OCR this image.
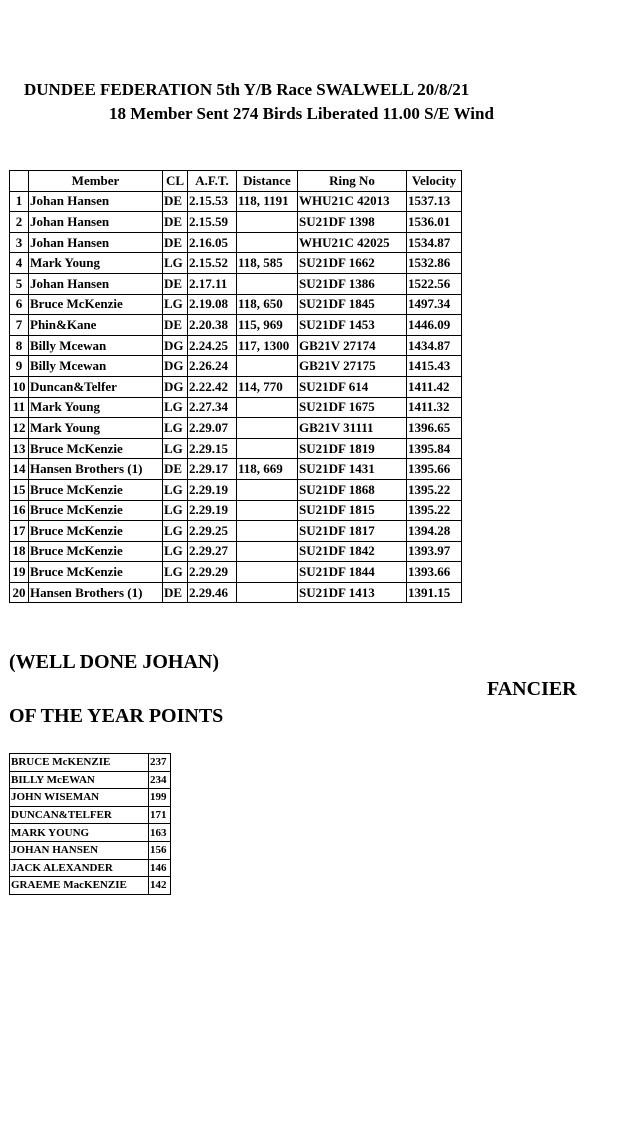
DUNDEE FEDERATION 5th Y/B Race SWALWELL 20/8/21
18 Member Sent 274 Birds Liberated 11.00 S/E Wind
	Member	CL	A.F.T.	Distance	Ring No	Velocity
1	Johan Hansen	DE	2.15.53	118, 1191	WHU21C 42013	1537.13
2	Johan Hansen	DE	2.15.59		SU21DF 1398	1536.01
3	Johan Hansen	DE	2.16.05		WHU21C 42025	1534.87
4	Mark Young	LG	2.15.52	118, 585	SU21DF 1662	1532.86
5	Johan Hansen	DE	2.17.11		SU21DF 1386	1522.56
6	Bruce McKenzie	LG	2.19.08	118, 650	SU21DF 1845	1497.34
7	Phin&Kane	DE	2.20.38	115, 969	SU21DF 1453	1446.09
8	Billy Mcewan	DG	2.24.25	117, 1300	GB21V 27174	1434.87
9	Billy Mcewan	DG	2.26.24		GB21V 27175	1415.43
10	Duncan&Telfer	DG	2.22.42	114, 770	SU21DF 614	1411.42
11	Mark Young	LG	2.27.34		SU21DF 1675	1411.32
12	Mark Young	LG	2.29.07		GB21V 31111	1396.65
13	Bruce McKenzie	LG	2.29.15		SU21DF 1819	1395.84
14	Hansen Brothers (1)	DE	2.29.17	118, 669	SU21DF 1431	1395.66
15	Bruce McKenzie	LG	2.29.19		SU21DF 1868	1395.22
16	Bruce McKenzie	LG	2.29.19		SU21DF 1815	1395.22
17	Bruce McKenzie	LG	2.29.25		SU21DF 1817	1394.28
18	Bruce McKenzie	LG	2.29.27		SU21DF 1842	1393.97
19	Bruce McKenzie	LG	2.29.29		SU21DF 1844	1393.66
20	Hansen Brothers (1)	DE	2.29.46		SU21DF 1413	1391.15
(WELL DONE JOHAN)
FANCIER
OF THE YEAR POINTS
BRUCE McKENZIE	237
BILLY McEWAN	234
JOHN WISEMAN	199
DUNCAN&TELFER	171
MARK YOUNG	163
JOHAN HANSEN	156
JACK ALEXANDER	146
GRAEME MacKENZIE	142
